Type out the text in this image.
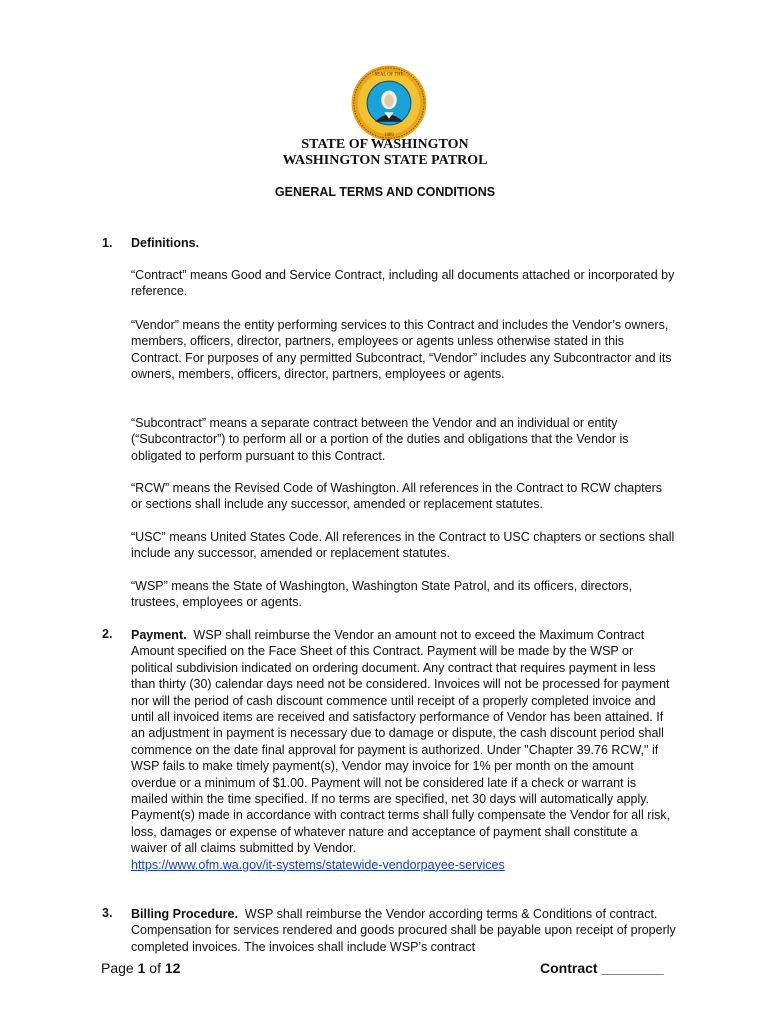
SEAL OF THE
1889
STATE OF WASHINGTON
WASHINGTON STATE PATROL
GENERAL TERMS AND CONDITIONS
1. Definitions.

“Contract” means Good and Service Contract, including all documents attached or incorporated by reference.

“Vendor” means the entity performing services to this Contract and includes the Vendor’s owners, members, officers, director, partners, employees or agents unless otherwise stated in this Contract. For purposes of any permitted Subcontract, “Vendor” includes any Subcontractor and its owners, members, officers, director, partners, employees or agents.

“Subcontract” means a separate contract between the Vendor and an individual or entity (“Subcontractor”) to perform all or a portion of the duties and obligations that the Vendor is obligated to perform pursuant to this Contract.

“RCW” means the Revised Code of Washington. All references in the Contract to RCW chapters or sections shall include any successor, amended or replacement statutes.

“USC” means United States Code. All references in the Contract to USC chapters or sections shall include any successor, amended or replacement statutes.

“WSP” means the State of Washington, Washington State Patrol, and its officers, directors, trustees, employees or agents.

2. Payment. WSP shall reimburse the Vendor an amount not to exceed the Maximum Contract Amount specified on the Face Sheet of this Contract. Payment will be made by the WSP or political subdivision indicated on ordering document. Any contract that requires payment in less than thirty (30) calendar days need not be considered. Invoices will not be processed for payment nor will the period of cash discount commence until receipt of a properly completed invoice and until all invoiced items are received and satisfactory performance of Vendor has been attained. If an adjustment in payment is necessary due to damage or dispute, the cash discount period shall commence on the date final approval for payment is authorized. Under "Chapter 39.76 RCW," if WSP fails to make timely payment(s), Vendor may invoice for 1% per month on the amount overdue or a minimum of $1.00. Payment will not be considered late if a check or warrant is mailed within the time specified. If no terms are specified, net 30 days will automatically apply. Payment(s) made in accordance with contract terms shall fully compensate the Vendor for all risk, loss, damages or expense of whatever nature and acceptance of payment shall constitute a waiver of all claims submitted by Vendor.
https://www.ofm.wa.gov/it-systems/statewide-vendorpayee-services

3. Billing Procedure. WSP shall reimburse the Vendor according terms & Conditions of contract. Compensation for services rendered and goods procured shall be payable upon receipt of properly completed invoices. The invoices shall include WSP’s contract

Page 1 of 12	Contract ________
